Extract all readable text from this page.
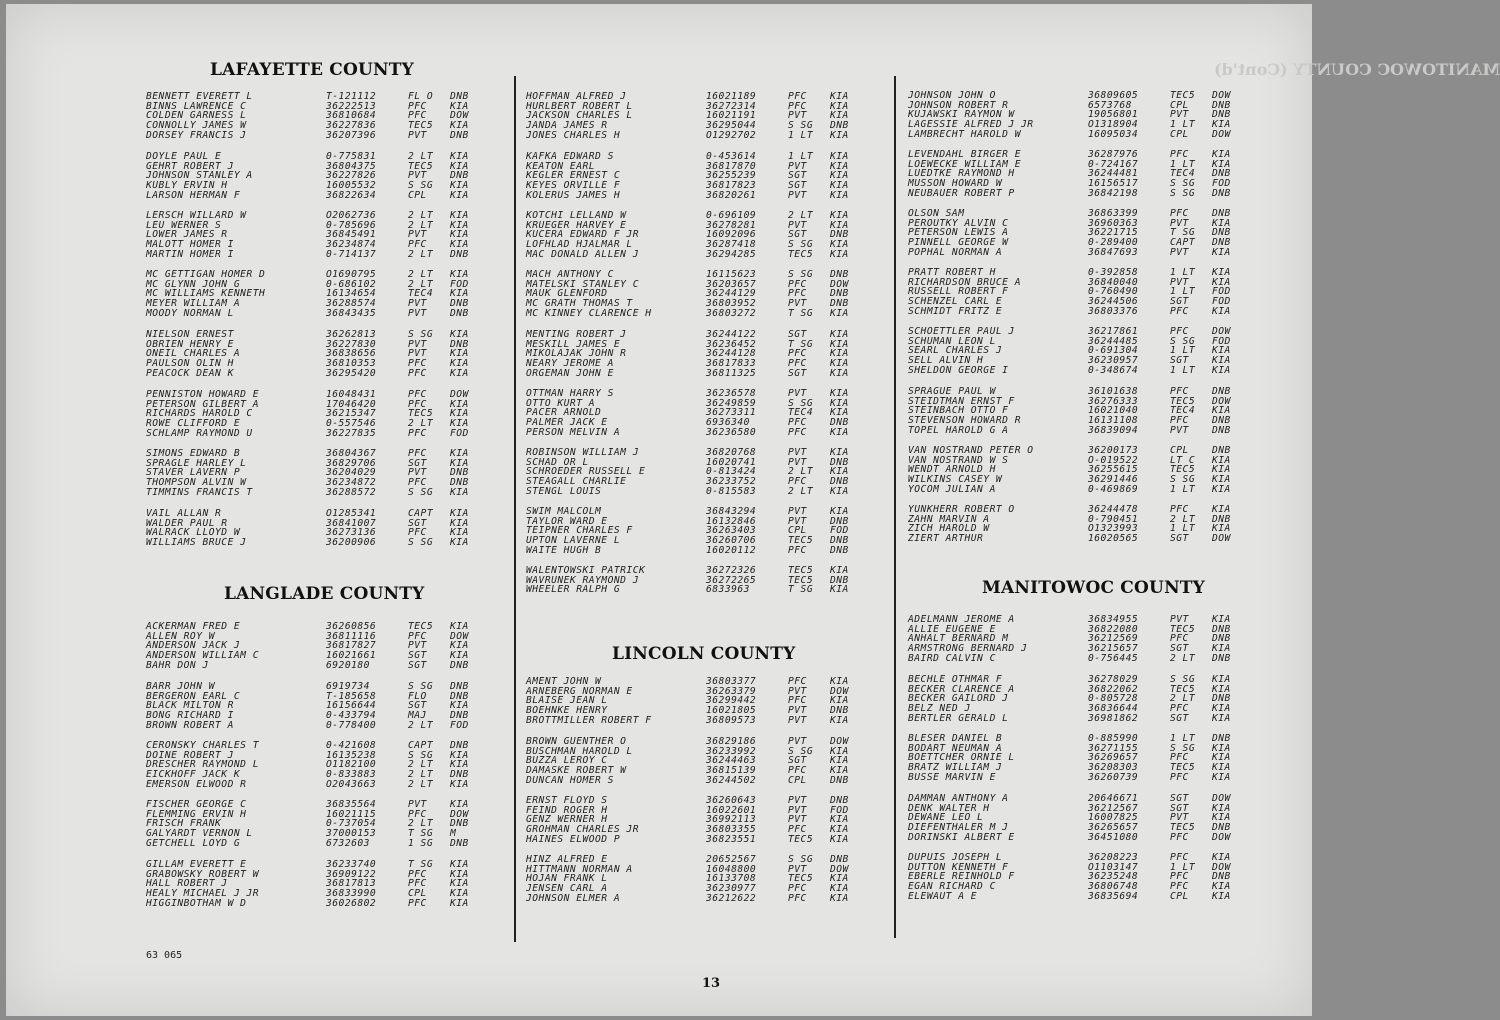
MANITOWOC COUNTY (Cont'd)
LAFAYETTE COUNTY
BENNETT EVERETT L	T-121112	FL O DNB
BINNS LAWRENCE C	36222513	PFC KIA
COLDEN GARNESS L	36810684	PFC DOW
CONNOLLY JAMES W	36227836	TEC5 KIA
DORSEY FRANCIS J	36207396	PVT DNB
DOYLE PAUL E	0-775831	2 LT KIA
GEHRT ROBERT J	36804375	TEC5 KIA
JOHNSON STANLEY A	36227826	PVT DNB
KUBLY ERVIN H	16005532	S SG KIA
LARSON HERMAN F	36822634	CPL KIA
LERSCH WILLARD W	O2062736	2 LT KIA
LEU WERNER S	0-785696	2 LT KIA
LOWER JAMES R	36845491	PVT KIA
MALOTT HOMER I	36234874	PFC KIA
MARTIN HOMER I	0-714137	2 LT DNB
MC GETTIGAN HOMER D	O1690795	2 LT KIA
MC GLYNN JOHN G	0-686102	2 LT FOD
MC WILLIAMS KENNETH	16134654	TEC4 KIA
MEYER WILLIAM A	36288574	PVT DNB
MOODY NORMAN L	36843435	PVT DNB
NIELSON ERNEST	36262813	S SG KIA
OBRIEN HENRY E	36227830	PVT DNB
ONEIL CHARLES A	36838656	PVT KIA
PAULSON OLIN H	36810353	PFC KIA
PEACOCK DEAN K	36295420	PFC KIA
PENNISTON HOWARD E	16048431	PFC DOW
PETERSON GILBERT A	17046420	PFC KIA
RICHARDS HAROLD C	36215347	TEC5 KIA
ROWE CLIFFORD E	0-557546	2 LT KIA
SCHLAMP RAYMOND U	36227835	PFC FOD
SIMONS EDWARD B	36804367	PFC KIA
SPRAGLE HARLEY L	36829706	SGT KIA
STAVER LAVERN P	36204029	PVT DNB
THOMPSON ALVIN W	36234872	PFC DNB
TIMMINS FRANCIS T	36288572	S SG KIA
VAIL ALLAN R	O1285341	CAPT KIA
WALDER PAUL R	36841007	SGT KIA
WALRACK LLOYD W	36273136	PFC KIA
WILLIAMS BRUCE J	36200906	S SG KIA
LANGLADE COUNTY
ACKERMAN FRED E	36260856	TEC5 KIA
ALLEN ROY W	36811116	PFC DOW
ANDERSON JACK J	36817827	PVT KIA
ANDERSON WILLIAM C	16021661	SGT KIA
BAHR DON J	6920180	SGT DNB
BARR JOHN W	6919734	S SG DNB
BERGERON EARL C	T-185658	FLO DNB
BLACK MILTON R	16156644	SGT KIA
BONG RICHARD I	0-433794	MAJ DNB
BROWN ROBERT A	0-778400	2 LT FOD
CERONSKY CHARLES T	0-421608	CAPT DNB
DOINE ROBERT J	16135238	S SG KIA
DRESCHER RAYMOND L	O1182100	2 LT KIA
EICKHOFF JACK K	0-833883	2 LT DNB
EMERSON ELWOOD R	O2043663	2 LT KIA
FISCHER GEORGE C	36835564	PVT KIA
FLEMMING ERVIN H	16021115	PFC DOW
FRISCH FRANK	0-737054	2 LT DNB
GALYARDT VERNON L	37000153	T SG M
GETCHELL LOYD G	6732603	1 SG DNB
GILLAM EVERETT E	36233740	T SG KIA
GRABOWSKY ROBERT W	36909122	PFC KIA
HALL ROBERT J	36817813	PFC KIA
HEALY MICHAEL J JR	36833990	CPL KIA
HIGGINBOTHAM W D	36026802	PFC KIA
HOFFMAN ALFRED J	16021189	PFC KIA
HURLBERT ROBERT L	36272314	PFC KIA
JACKSON CHARLES L	16021191	PVT KIA
JANDA JAMES R	36295044	S SG DNB
JONES CHARLES H	O1292702	1 LT KIA
KAFKA EDWARD S	0-453614	1 LT KIA
KEATON EARL	36817870	PVT KIA
KEGLER ERNEST C	36255239	SGT KIA
KEYES ORVILLE F	36817823	SGT KIA
KOLERUS JAMES H	36820261	PVT KIA
KOTCHI LELLAND W	0-696109	2 LT KIA
KRUEGER HARVEY E	36278281	PVT KIA
KUCERA EDWARD F JR	16092096	SGT DNB
LOFHLAD HJALMAR L	36287418	S SG KIA
MAC DONALD ALLEN J	36294285	TEC5 KIA
MACH ANTHONY C	16115623	S SG DNB
MATELSKI STANLEY C	36203657	PFC DOW
MAUK GLENFORD	36244129	PFC DNB
MC GRATH THOMAS T	36803952	PVT DNB
MC KINNEY CLARENCE H	36803272	T SG KIA
MENTING ROBERT J	36244122	SGT KIA
MESKILL JAMES E	36236452	T SG KIA
MIKOLAJAK JOHN R	36244128	PFC KIA
NEARY JEROME A	36817833	PFC KIA
ORGEMAN JOHN E	36811325	SGT KIA
OTTMAN HARRY S	36236578	PVT KIA
OTTO KURT A	36249859	S SG KIA
PACER ARNOLD	36273311	TEC4 KIA
PALMER JACK E	6936340	PFC DNB
PERSON MELVIN A	36236580	PFC KIA
ROBINSON WILLIAM J	36820768	PVT KIA
SCHAD OR L	16020741	PVT DNB
SCHROEDER RUSSELL E	0-813424	2 LT KIA
STEAGALL CHARLIE	36233752	PFC DNB
STENGL LOUIS	0-815583	2 LT KIA
SWIM MALCOLM	36843294	PVT KIA
TAYLOR WARD E	16132846	PVT DNB
TEIPNER CHARLES F	36263403	CPL FOD
UPTON LAVERNE L	36260706	TEC5 DNB
WAITE HUGH B	16020112	PFC DNB
WALENTOWSKI PATRICK	36272326	TEC5 KIA
WAVRUNEK RAYMOND J	36272265	TEC5 DNB
WHEELER RALPH G	6833963	T SG KIA
LINCOLN COUNTY
AMENT JOHN W	36803377	PFC KIA
ARNEBERG NORMAN E	36263379	PVT DOW
BLAISE JEAN L	36299442	PFC KIA
BOEHNKE HENRY	16021805	PVT DNB
BROTTMILLER ROBERT F	36809573	PVT KIA
BROWN GUENTHER O	36829186	PVT DOW
BUSCHMAN HAROLD L	36233992	S SG KIA
BUZZA LEROY C	36244463	SGT KIA
DAMASKE ROBERT W	36815139	PFC KIA
DUNCAN HOMER S	36244502	CPL DNB
ERNST FLOYD S	36260643	PVT DNB
FEIND ROGER H	16022601	PVT FOD
GENZ WERNER H	36992113	PVT KIA
GROHMAN CHARLES JR	36803355	PFC KIA
HAINES ELWOOD P	36823551	TEC5 KIA
HINZ ALFRED E	20652567	S SG DNB
HITTMANN NORMAN A	16048800	PVT DOW
HOJAN FRANK L	16133708	TEC5 KIA
JENSEN CARL A	36230977	PFC KIA
JOHNSON ELMER A	36212622	PFC KIA
JOHNSON JOHN O	36809605	TEC5 DOW
JOHNSON ROBERT R	6573768	CPL DNB
KUJAWSKI RAYMON W	19056801	PVT DNB
LAGESSIE ALFRED J JR	O1318904	1 LT KIA
LAMBRECHT HAROLD W	16095034	CPL DOW
LEVENDAHL BIRGER E	36287976	PFC KIA
LOEWECKE WILLIAM E	0-724167	1 LT KIA
LUEDTKE RAYMOND H	36244481	TEC4 DNB
MUSSON HOWARD W	16156517	S SG FOD
NEUBAUER ROBERT P	36842198	S SG DNB
OLSON SAM	36863399	PFC DNB
PEROUTKY ALVIN C	36960363	PVT KIA
PETERSON LEWIS A	36221715	T SG DNB
PINNELL GEORGE W	0-289400	CAPT DNB
POPHAL NORMAN A	36847693	PVT KIA
PRATT ROBERT H	0-392858	1 LT KIA
RICHARDSON BRUCE A	36840040	PVT KIA
RUSSELL ROBERT F	0-760490	1 LT FOD
SCHENZEL CARL E	36244506	SGT FOD
SCHMIDT FRITZ E	36803376	PFC KIA
SCHOETTLER PAUL J	36217861	PFC DOW
SCHUMAN LEON L	36244485	S SG FOD
SEARL CHARLES J	0-691304	1 LT KIA
SELL ALVIN H	36230957	SGT KIA
SHELDON GEORGE I	0-348674	1 LT KIA
SPRAGUE PAUL W	36101638	PFC DNB
STEIDTMAN ERNST F	36276333	TEC5 DOW
STEINBACH OTTO F	16021040	TEC4 KIA
STEVENSON HOWARD R	16131108	PFC DNB
TOPEL HAROLD G A	36839094	PVT DNB
VAN NOSTRAND PETER O	36200173	CPL DNB
VAN NOSTRAND W S	O-019522	LT C KIA
WENDT ARNOLD H	36255615	TEC5 KIA
WILKINS CASEY W	36291446	S SG KIA
YOCOM JULIAN A	0-469869	1 LT KIA
YUNKHERR ROBERT O	36244478	PFC KIA
ZAHN MARVIN A	0-790451	2 LT DNB
ZICH HAROLD W	O1323993	1 LT KIA
ZIERT ARTHUR	16020565	SGT DOW
MANITOWOC COUNTY
ADELMANN JEROME A	36834955	PVT KIA
ALLIE EUGENE E	36822080	TEC5 DNB
ANHALT BERNARD M	36212569	PFC DNB
ARMSTRONG BERNARD J	36215657	SGT KIA
BAIRD CALVIN C	0-756445	2 LT DNB
BECHLE OTHMAR F	36278029	S SG KIA
BECKER CLARENCE A	36822062	TEC5 KIA
BECKER GAILORD J	0-805728	2 LT DNB
BELZ NED J	36836644	PFC KIA
BERTLER GERALD L	36981862	SGT KIA
BLESER DANIEL B	0-885990	1 LT DNB
BODART NEUMAN A	36271155	S SG KIA
BOETTCHER ORNIE L	36269657	PFC KIA
BRATZ WILLIAM J	36208303	TEC5 KIA
BUSSE MARVIN E	36260739	PFC KIA
DAMMAN ANTHONY A	20646671	SGT DOW
DENK WALTER H	36212567	SGT KIA
DEWANE LEO L	16007825	PVT KIA
DIEFENTHALER M J	36265657	TEC5 DNB
DORINSKI ALBERT E	36451080	PFC DOW
DUPUIS JOSEPH L	36208223	PFC KIA
DUTTON KENNETH F	O1103147	1 LT DOW
EBERLE REINHOLD F	36235248	PFC DNB
EGAN RICHARD C	36806748	PFC KIA
ELEWAUT A E	36835694	CPL KIA
63 065
13
